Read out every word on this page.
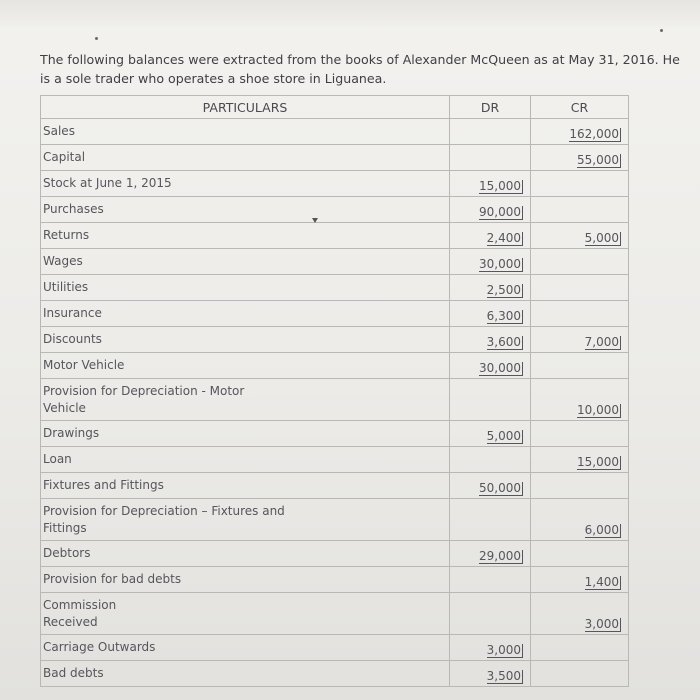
The following balances were extracted from the books of Alexander McQueen as at May 31, 2016. He is a sole trader who operates a shoe store in Liguanea.

PARTICULARS	DR	CR
Sales		162,000
Capital		55,000
Stock at June 1, 2015	15,000	
Purchases	90,000	
Returns	2,400	5,000
Wages	30,000	
Utilities	2,500	
Insurance	6,300	
Discounts	3,600	7,000
Motor Vehicle	30,000	

Provision for Depreciation - Motor Vehicle		10,000
Drawings	5,000	
Loan		15,000
Fixtures and Fittings	50,000	

Provision for Depreciation – Fixtures and Fittings		6,000
Debtors	29,000	
Provision for bad debts		1,400

Commission Received		3,000
Carriage Outwards	3,000	
Bad debts	3,500	
